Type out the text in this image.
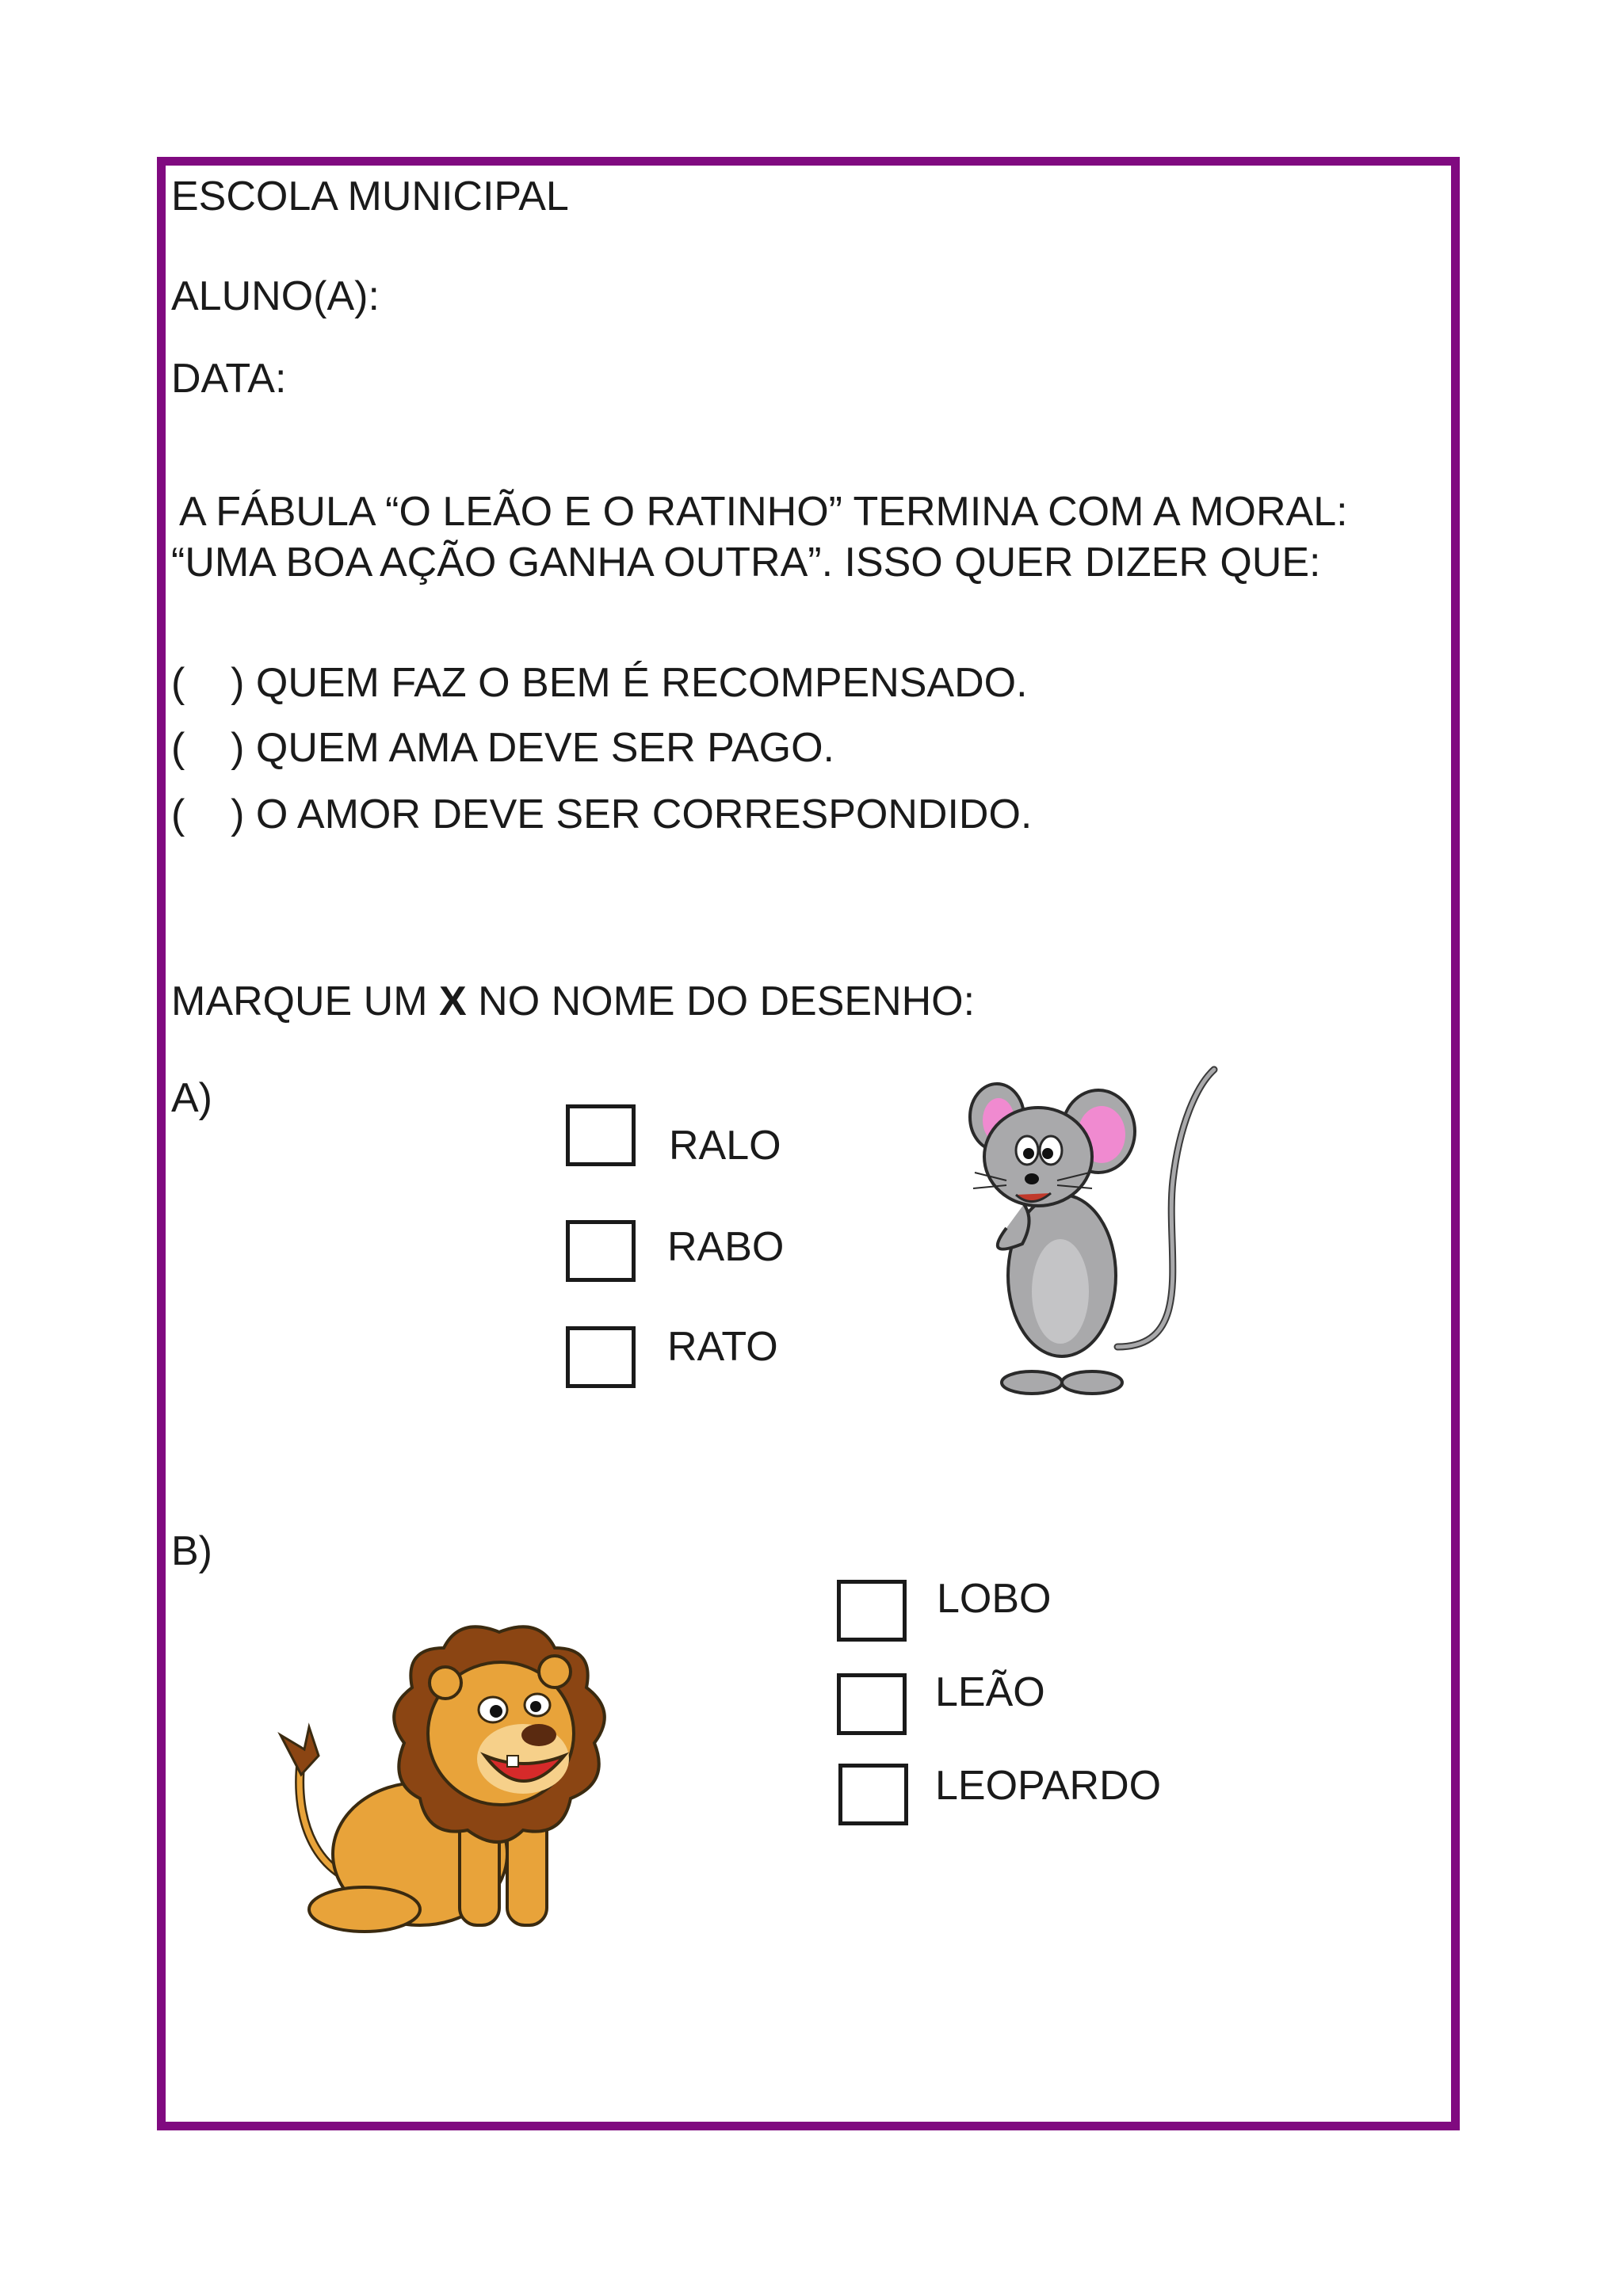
ESCOLA MUNICIPAL
ALUNO(A):
DATA:
A FÁBULA “O LEÃO E O RATINHO” TERMINA COM A MORAL:
“UMA BOA AÇÃO GANHA OUTRA”. ISSO QUER DIZER QUE:
(    ) QUEM FAZ O BEM É RECOMPENSADO.
(    ) QUEM AMA DEVE SER PAGO.
(    ) O AMOR DEVE SER CORRESPONDIDO.
MARQUE UM X NO NOME DO DESENHO:
A)
RALO
RABO
RATO
B)
LOBO
LEÃO
LEOPARDO
